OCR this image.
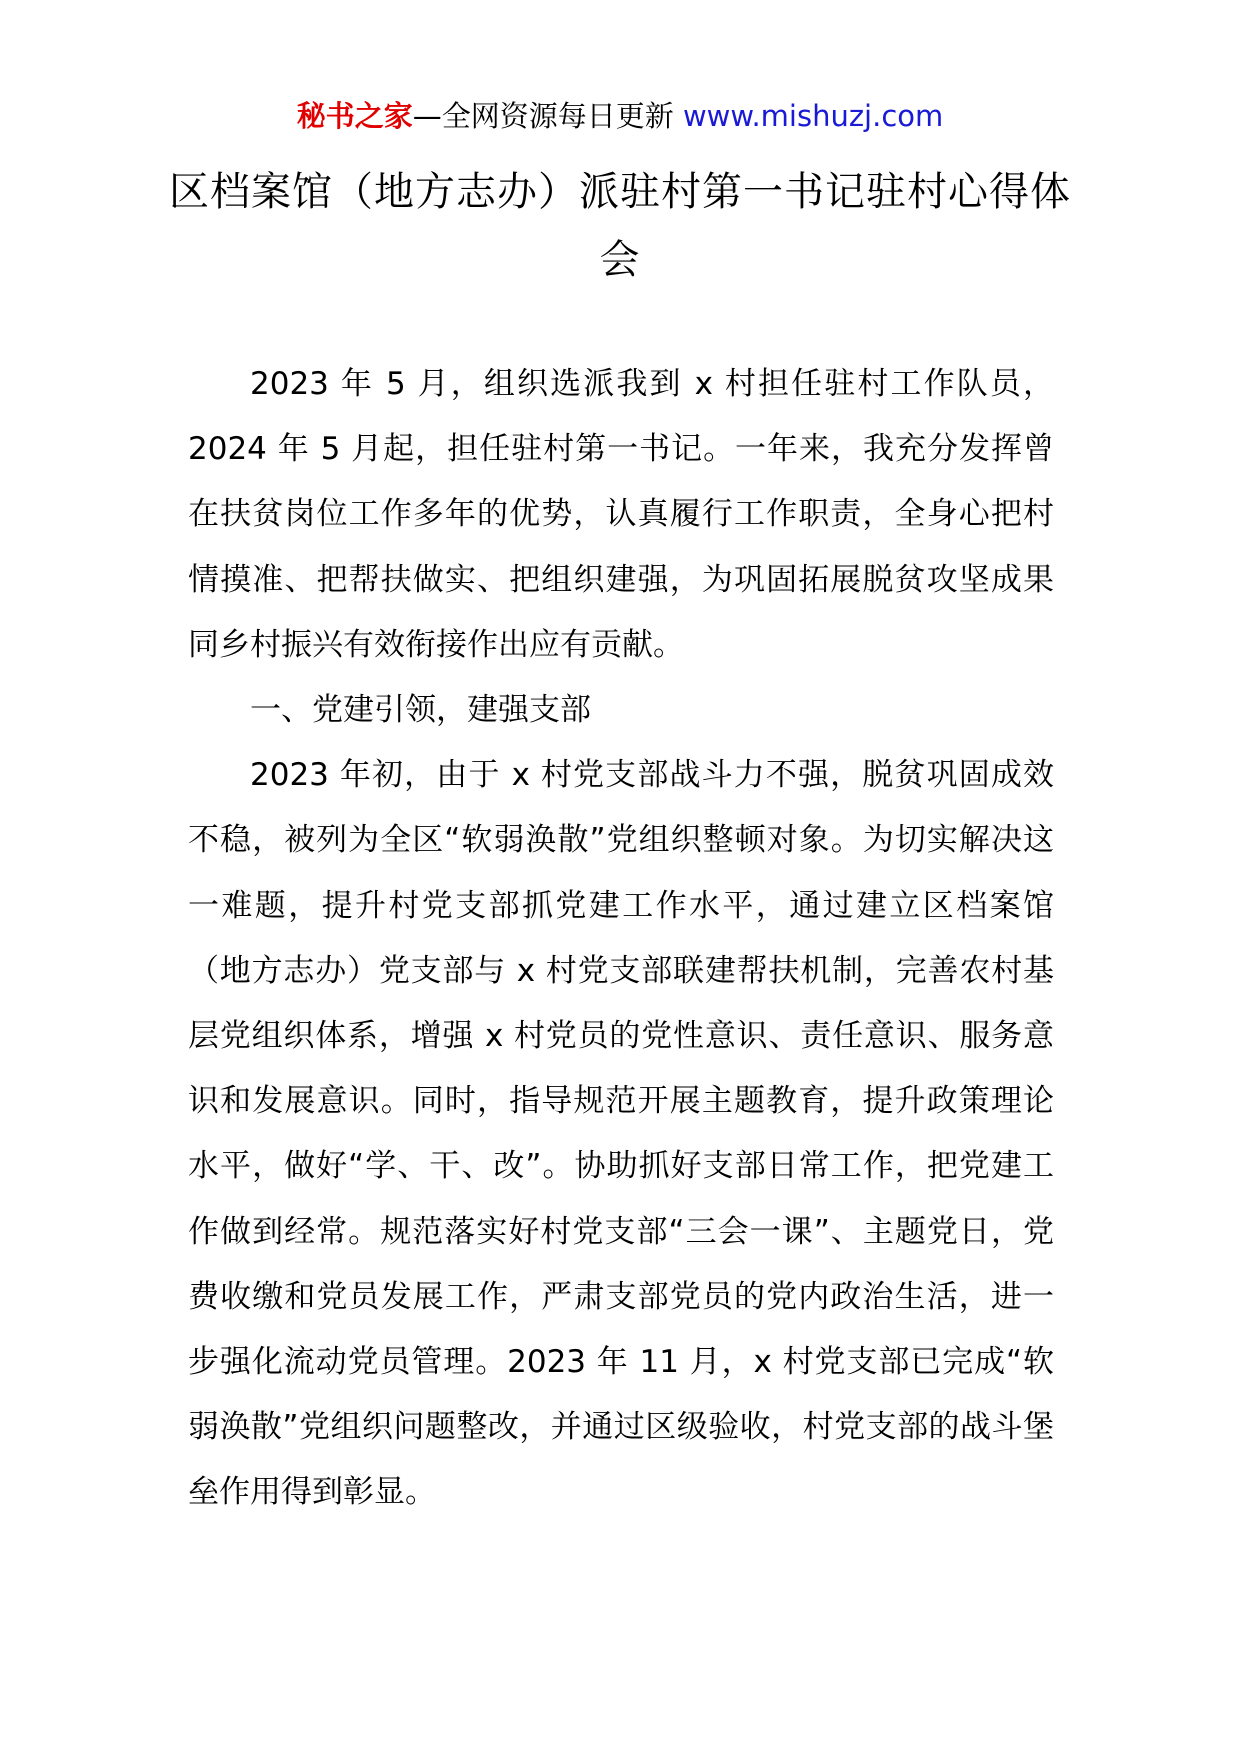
秘书之家—全网资源每日更新 www.mishuzj.com
区档案馆（地方志办）派驻村第一书记驻村心得体会

2023 年 5 月，组织选派我到 x 村担任驻村工作队员，2024 年 5 月起，担任驻村第一书记。一年来，我充分发挥曾在扶贫岗位工作多年的优势，认真履行工作职责，全身心把村情摸准、把帮扶做实、把组织建强，为巩固拓展脱贫攻坚成果同乡村振兴有效衔接作出应有贡献。

一、党建引领，建强支部

2023 年初，由于 x 村党支部战斗力不强，脱贫巩固成效不稳，被列为全区“软弱涣散”党组织整顿对象。为切实解决这一难题，提升村党支部抓党建工作水平，通过建立区档案馆（地方志办）党支部与 x 村党支部联建帮扶机制，完善农村基层党组织体系，增强 x 村党员的党性意识、责任意识、服务意识和发展意识。同时，指导规范开展主题教育，提升政策理论水平，做好“学、干、改”。协助抓好支部日常工作，把党建工作做到经常。规范落实好村党支部“三会一课”、主题党日，党费收缴和党员发展工作，严肃支部党员的党内政治生活，进一步强化流动党员管理。2023 年 11 月，x 村党支部已完成“软弱涣散”党组织问题整改，并通过区级验收，村党支部的战斗堡垒作用得到彰显。
